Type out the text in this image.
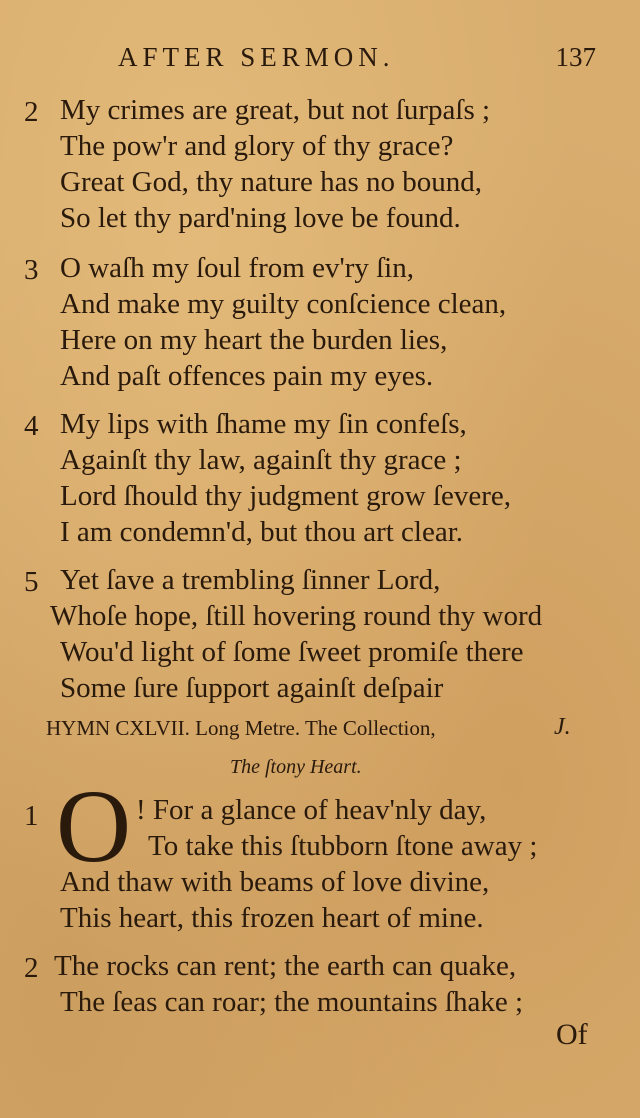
AFTER SERMON.	137
2 My crimes are great, but not ſurpaſs ;
The pow'r and glory of thy grace?
Great God, thy nature has no bound,
So let thy pard'ning love be found.
3 O waſh my ſoul from ev'ry ſin,
And make my guilty conſcience clean,
Here on my heart the burden lies,
And paſt offences pain my eyes.
4 My lips with ſhame my ſin confeſs,
Againſt thy law, againſt thy grace ;
Lord ſhould thy judgment grow ſevere,
I am condemn'd, but thou art clear.
5 Yet ſave a trembling ſinner Lord,
Whoſe hope, ſtill hovering round thy word
Wou'd light of ſome ſweet promiſe there
Some ſure ſupport againſt deſpair
HYMN CXLVII. Long Metre. The Collection,	J.
The ſtony Heart.
1	! For a glance of heav'nly day,
To take this ſtubborn ſtone away ;
And thaw with beams of love divine,
This heart, this frozen heart of mine.
O
2 The rocks can rent; the earth can quake,
The ſeas can roar; the mountains ſhake ;
Of
